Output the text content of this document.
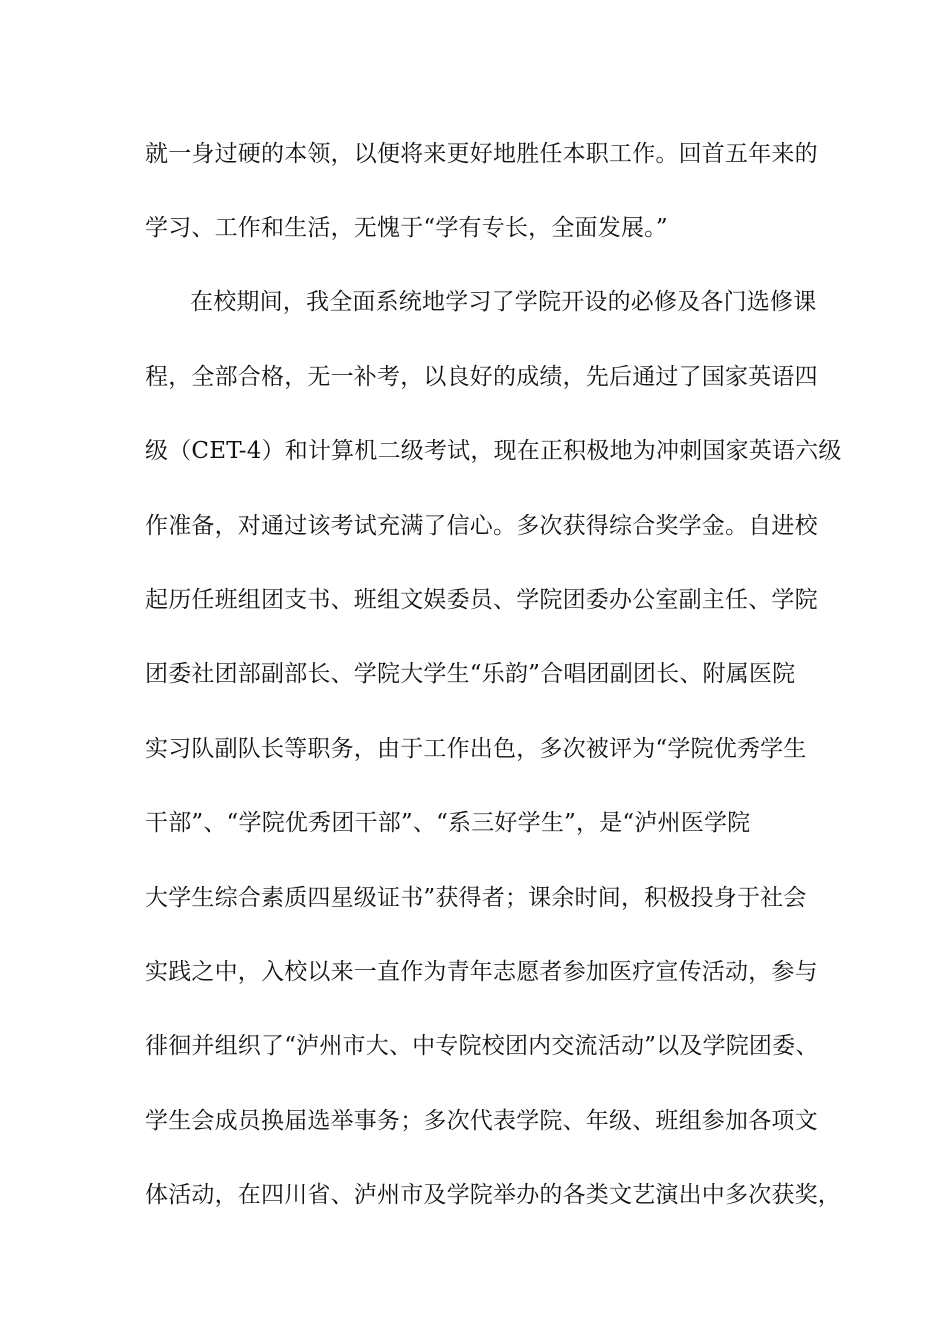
就一身过硬的本领，以便将来更好地胜任本职工作。回首五年来的
学习、工作和生活，无愧于“学有专长，全面发展。”
在校期间，我全面系统地学习了学院开设的必修及各门选修课
程，全部合格，无一补考，以良好的成绩，先后通过了国家英语四
级（CET-4）和计算机二级考试，现在正积极地为冲刺国家英语六级
作准备，对通过该考试充满了信心。多次获得综合奖学金。自进校
起历任班组团支书、班组文娱委员、学院团委办公室副主任、学院
团委社团部副部长、学院大学生“乐韵”合唱团副团长、附属医院
实习队副队长等职务，由于工作出色，多次被评为“学院优秀学生
干部”、“学院优秀团干部”、“系三好学生”，是“泸州医学院
大学生综合素质四星级证书”获得者；课余时间，积极投身于社会
实践之中，入校以来一直作为青年志愿者参加医疗宣传活动，参与
徘徊并组织了“泸州市大、中专院校团内交流活动”以及学院团委、
学生会成员换届选举事务；多次代表学院、年级、班组参加各项文
体活动，在四川省、泸州市及学院举办的各类文艺演出中多次获奖，
